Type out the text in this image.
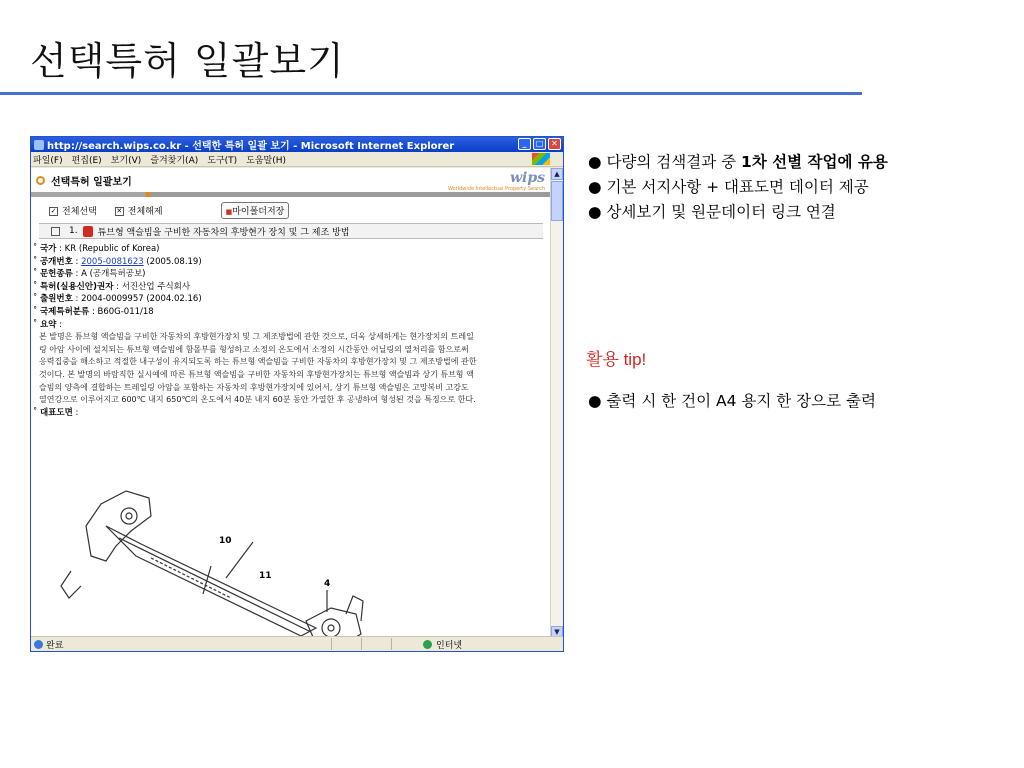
선택특허 일괄보기
http://search.wips.co.kr - 선택한 특허 일괄 보기 - Microsoft Internet Explorer	_	□ ✕
파일(F) 편집(E) 보기(V) 즐겨찾기(A) 도구(T) 도움말(H)
선택특허 일괄보기	wips
Worldwide Intellectual Property Search
✓ 전체선택	✕ 전체해제	■마이폴더저장
1. 튜브형 액슬빔을 구비한 자동차의 후방현가 장치 및 그 제조 방법
˚ 국가 : KR (Republic of Korea)
˚ 공개번호 : 2005-0081623 (2005.08.19)
˚ 문헌종류 : A (공개특허공보)
˚ 특허(실용신안)권자 : 서진산업 주식회사
˚ 출원번호 : 2004-0009957 (2004.02.16)
˚ 국제특허분류 : B60G-011/18
˚ 요약 :
본 발명은 튜브형 액슬빔을 구비한 자동차의 후방현가장치 및 그 제조방법에 관한 것으로, 더욱 상세하게는 현가장치의 트레일
링 아암 사이에 설치되는 튜브형 액슬빔에 함몰부를 형성하고 소정의 온도에서 소정의 시간동안 어닐링의 열처리를 함으로써
응력집중을 해소하고 적절한 내구성이 유지되도록 하는 튜브형 액슬빔을 구비한 자동차의 후방현가장치 및 그 제조방법에 관한
것이다. 본 발명의 바람직한 실시예에 따른 튜브형 액슬빔을 구비한 자동차의 후방현가장치는 튜브형 액슬빔과 상기 튜브형 액
슬빔의 양측에 결합하는 트레일링 아암을 포함하는 자동차의 후방현가장치에 있어서, 상기 튜브형 액슬빔은 고망복비 고강도
열연강으로 이루어지고 600℃ 내지 650℃의 온도에서 40분 내지 60분 동안 가열한 후 공냉하여 형성된 것을 특징으로 한다.
˚ 대표도면 :
10
11
4
▲
▼
완료	인터넷
● 다량의 검색결과 중 1차 선별 작업에 유용
● 기본 서지사항 + 대표도면 데이터 제공
● 상세보기 및 원문데이터 링크 연결
활용 tip!
● 출력 시 한 건이 A4 용지 한 장으로 출력
